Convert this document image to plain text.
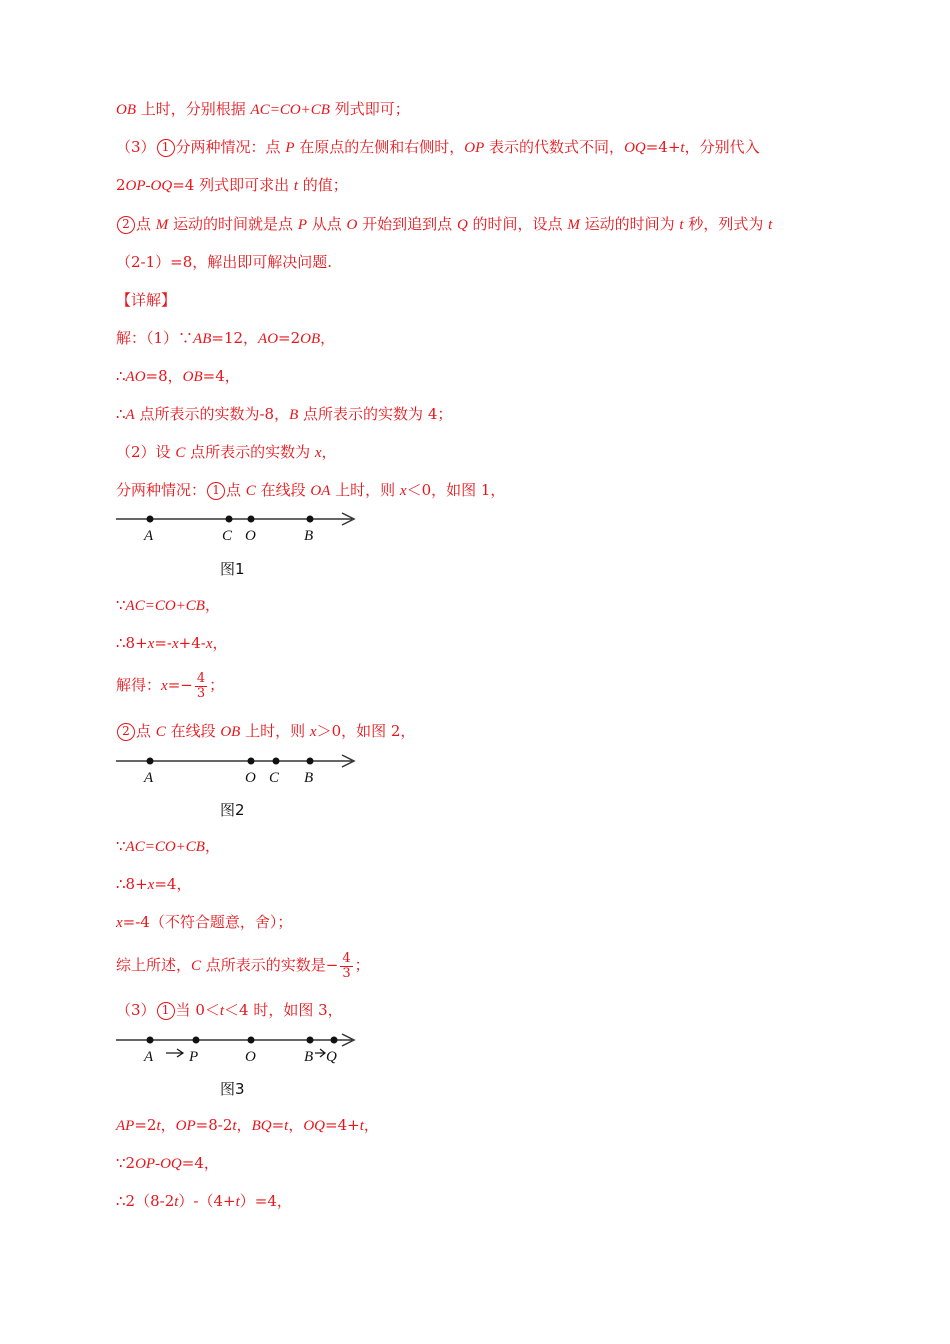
OB 上时，分别根据 AC=CO+CB 列式即可；
（3） 1 分两种情况：点 P 在原点的左侧和右侧时，OP 表示的代数式不同，OQ=4+t，分别代入
2OP-OQ=4 列式即可求出 t 的值；
2 点 M 运动的时间就是点 P 从点 O 开始到追到点 Q 的时间，设点 M 运动的时间为 t 秒，列式为 t
（2-1）=8，解出即可解决问题.
【详解】
解：（1）∵AB=12，AO=2OB，
∴AO=8，OB=4，
∴A 点所表示的实数为-8，B 点所表示的实数为 4；
（2）设 C 点所表示的实数为 x，
分两种情况： 1 点 C 在线段 OA 上时，则 x＜0，如图 1，
A	C O	B
图1
∵AC=CO+CB，
∴8+x=-x+4-x，
解得：$x=- \frac{4}{3}$ ；
2 点 C 在线段 OB 上时，则 x＞0，如图 2，
A	O C B
图2
∵AC=CO+CB，
∴8+x=4，
x=-4（不符合题意，舍）；
综上所述，C 点所表示的实数是− $\frac{4}{3}$ ；
（3） 1 当 0＜t＜4 时，如图 3，
A P	O	B Q
图3
AP=2t，OP=8-2t，BQ=t，OQ=4+t，
∵2OP-OQ=4，
∴2（8-2t）-（4+t）=4，
